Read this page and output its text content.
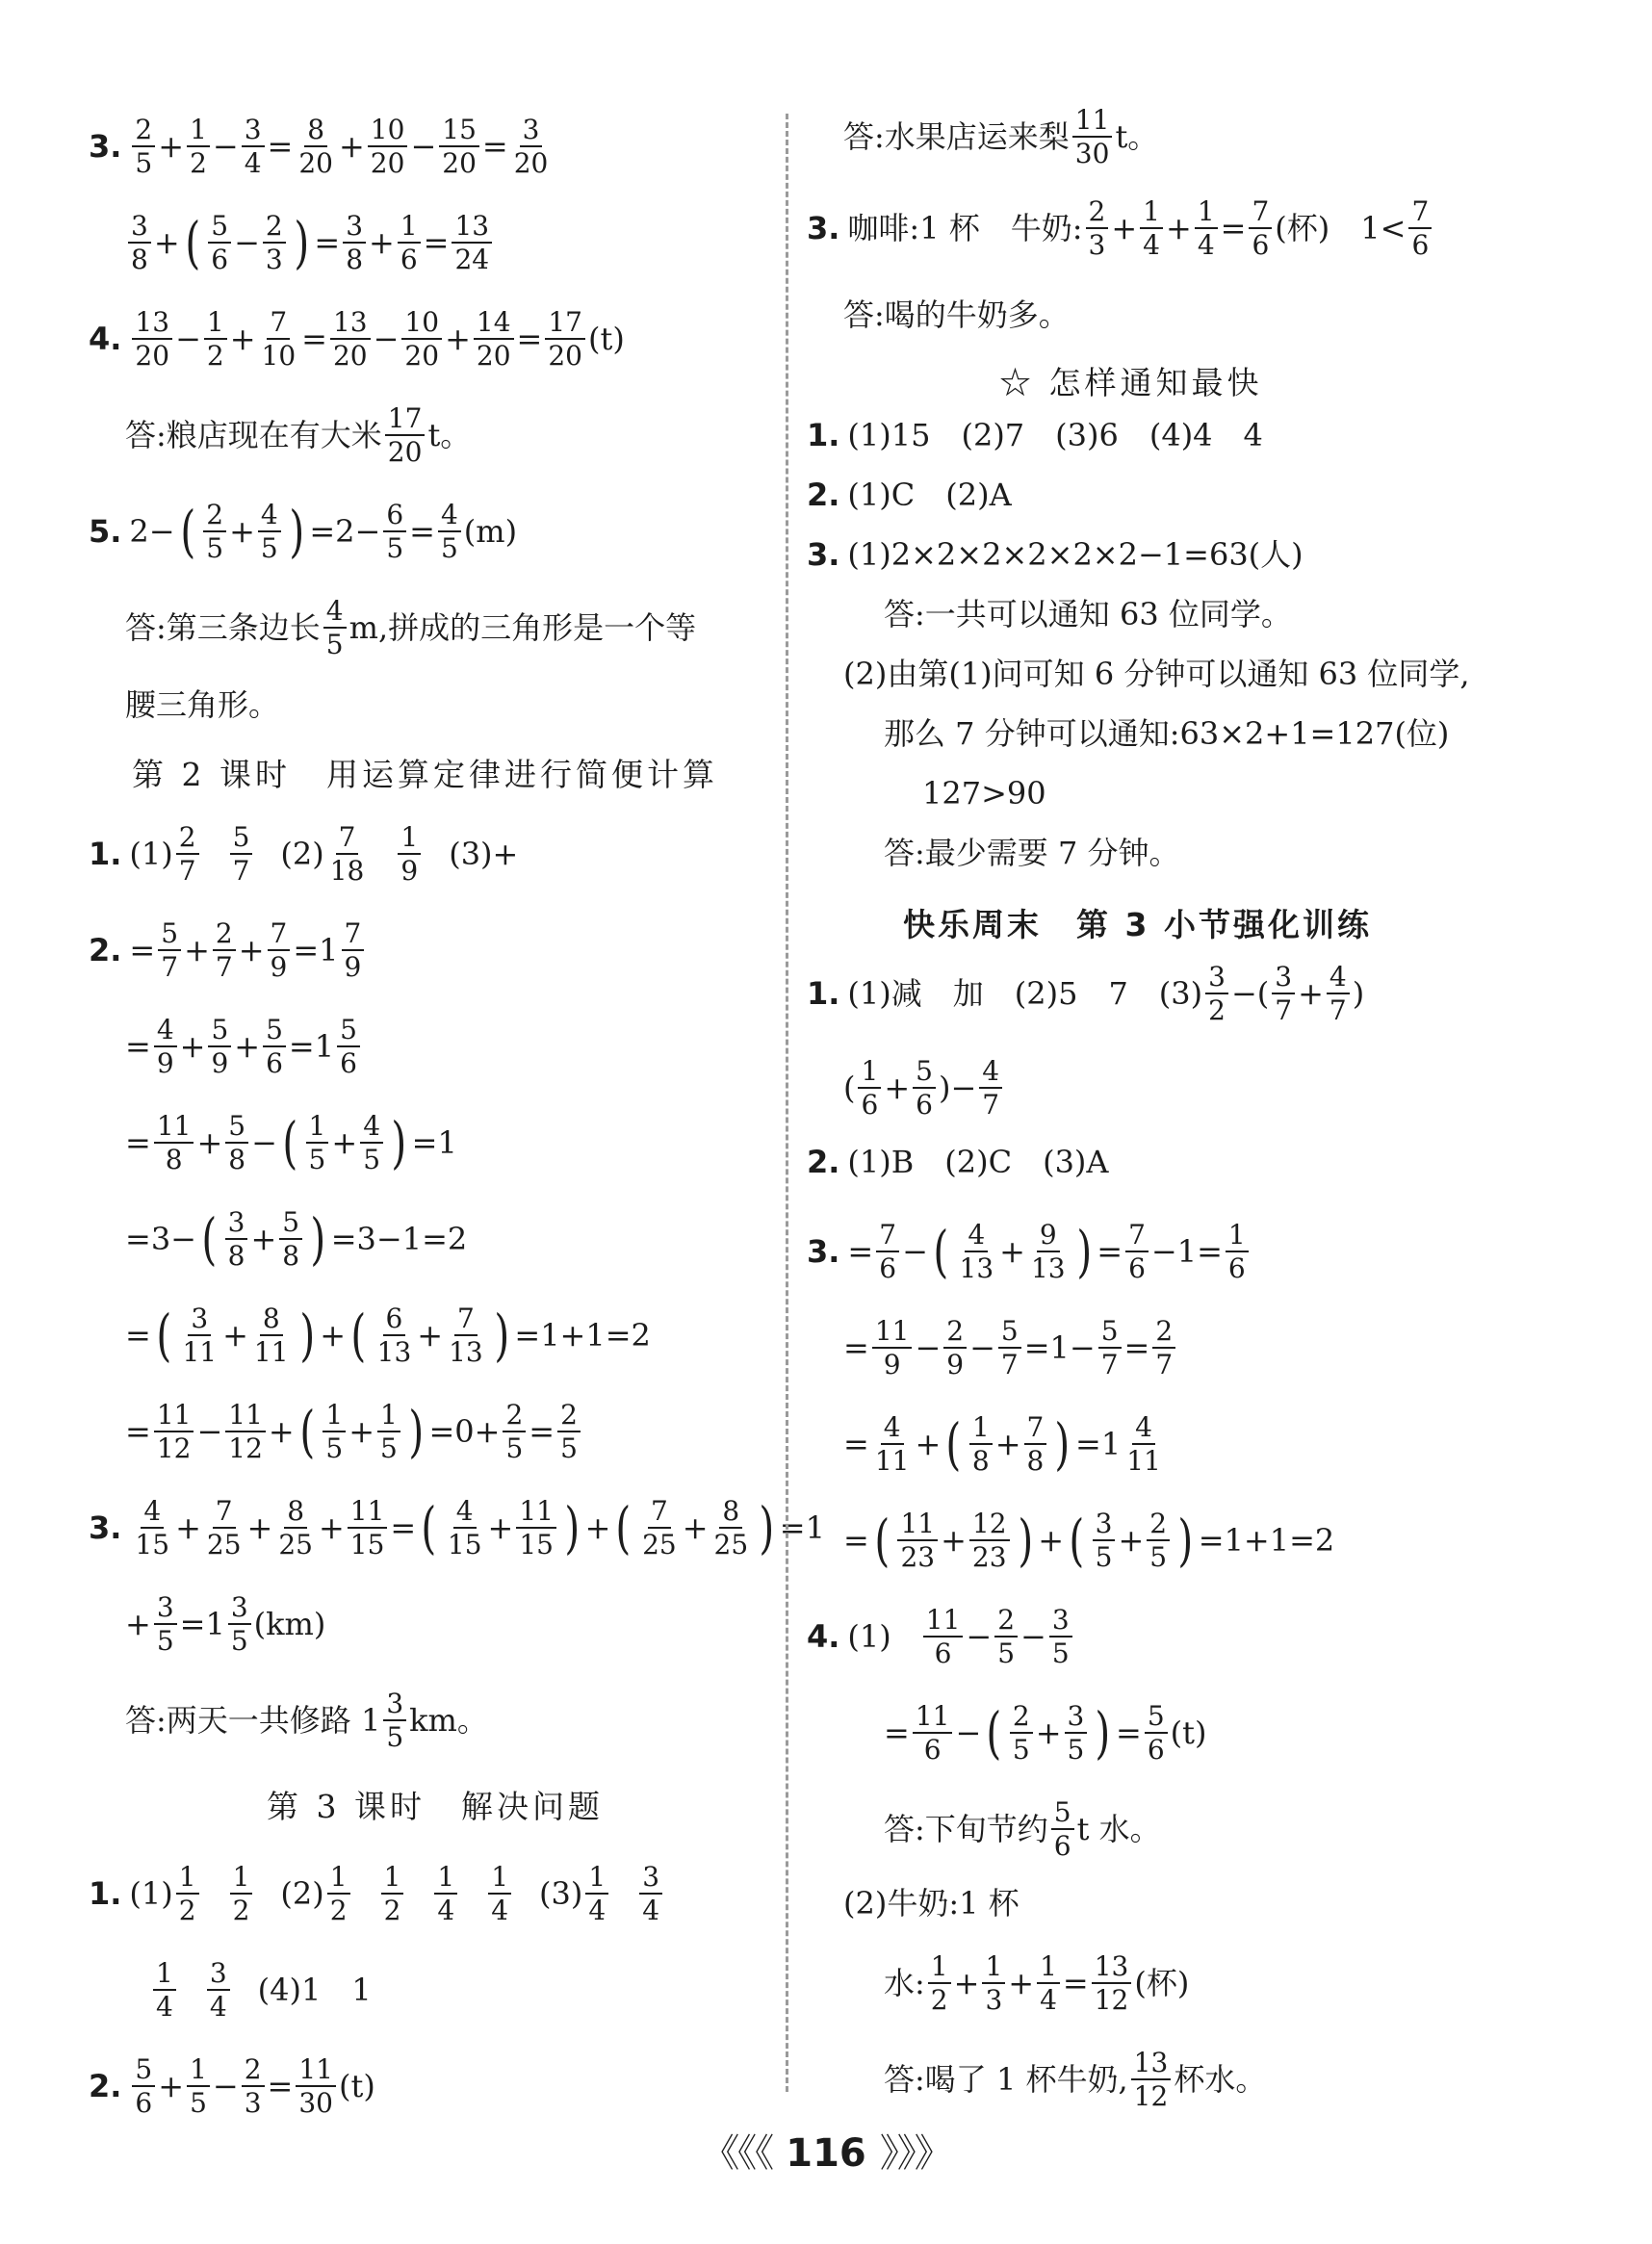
3. 2
$5 + \frac{1}{2} - \frac{3}{4} = \frac{8}{20} + \frac{10}{20} - \frac{15}{20} = \frac{3}{20}$
3
8 + ( 5
$6 - \frac{2}{3}$ ) = $\frac{3}{8} + \frac{1}{6} = \frac{13}{24}$
4. 13
$20 - \frac{1}{2} + \frac{7}{10} = \frac{13}{20} - \frac{10}{20} + \frac{14}{20} = \frac{17}{20} (t)$
答:粮店现在有大米 17
20 t。
5. 2− ( 2
$5 + \frac{4}{5}$ ) $=2- \frac{6}{5} = \frac{4}{5} (m)$
答:第三条边长 4
5 m,拼成的三角形是一个等
腰三角形。
第 2 课时　用运算定律进行简便计算
1. (1) 2
7
5
7 (2) 7
18
1
9 (3)+
2. = $\frac{5}{7} + \frac{2}{7} + \frac{7}{9} =1$ 7
9
= $\frac{4}{9} + \frac{5}{9} + \frac{5}{6} =1$ 5
6
= $\frac{11}{8} + \frac{5}{8}$ − ( 1
$5 + \frac{4}{5}$ ) =1
=3− ( 3
$8 + \frac{5}{8}$ ) =3−1=2
= ( 3
$11 + \frac{8}{11}$ ) + ( 6
$13 + \frac{7}{13}$ ) =1+1=2
= $\frac{11}{12} - \frac{11}{12}$ + ( 1
$5 + \frac{1}{5}$ ) $=0+ \frac{2}{5} = \frac{2}{5}$
3. 4
$15 + \frac{7}{25} + \frac{8}{25} + \frac{11}{15}$ = ( 4
$15 + \frac{11}{15}$ ) + ( 7
$25 + \frac{8}{25}$ ) =1
+ $\frac{3}{5} =1$ 3
5 (km)
答:两天一共修路 1 3
5 km。
第 3 课时　解决问题
1. (1) 1
2
1
2 (2) 1
2
1
2
1
4
1
4 (3) 1
4
3
4
1
4
3
4 (4)1　1
2. 5
$6 + \frac{1}{5} - \frac{2}{3} = \frac{11}{30} (t)$
答:水果店运来梨 11
30 t。
3. 咖啡:1 杯　牛奶: 2
$3 + \frac{1}{4} + \frac{1}{4} = \frac{7}{6}$ (杯)　1< 7
6
答:喝的牛奶多。
☆ 怎样通知最快
1. (1)15　(2)7　(3)6　(4)4　4
2. (1)C　(2)A
3. (1)2×2×2×2×2×2−1=63(人)
答:一共可以通知 63 位同学。
(2)由第(1)问可知 6 分钟可以通知 63 位同学,
那么 7 分钟可以通知:63×2+1=127(位)
127>90
答:最少需要 7 分钟。
快乐周末　第 3 小节强化训练
1. (1)减　加　(2)5　7　(3) 3
2 − ( 3
$7 + \frac{4}{7}$ )
( 1
$6 + \frac{5}{6}$ ) − $\frac{4}{7}$
2. (1)B　(2)C　(3)A
3. = $\frac{7}{6}$ − ( 4
$13 + \frac{9}{13}$ ) = $\frac{7}{6} -1= \frac{1}{6}$
= $\frac{11}{9} - \frac{2}{9} - \frac{5}{7} =1- \frac{5}{7} = \frac{2}{7}$
= $\frac{4}{11}$ + ( 1
$8 + \frac{7}{8}$ ) =1 4
11
= ( 11
$23 + \frac{12}{23}$ ) + ( 3
$5 + \frac{2}{5}$ ) =1+1=2
4. (1) 11
$6 - \frac{2}{5} - \frac{3}{5}$
= $\frac{11}{6}$ − ( 2
$5 + \frac{3}{5}$ ) = $\frac{5}{6} (t)$
答:下旬节约 5
6 t 水。
(2)牛奶:1 杯
水: 1
$2 + \frac{1}{3} + \frac{1}{4} = \frac{13}{12}$ (杯)
答:喝了 1 杯牛奶, 13
12 杯水。
《《《 116 》》》
